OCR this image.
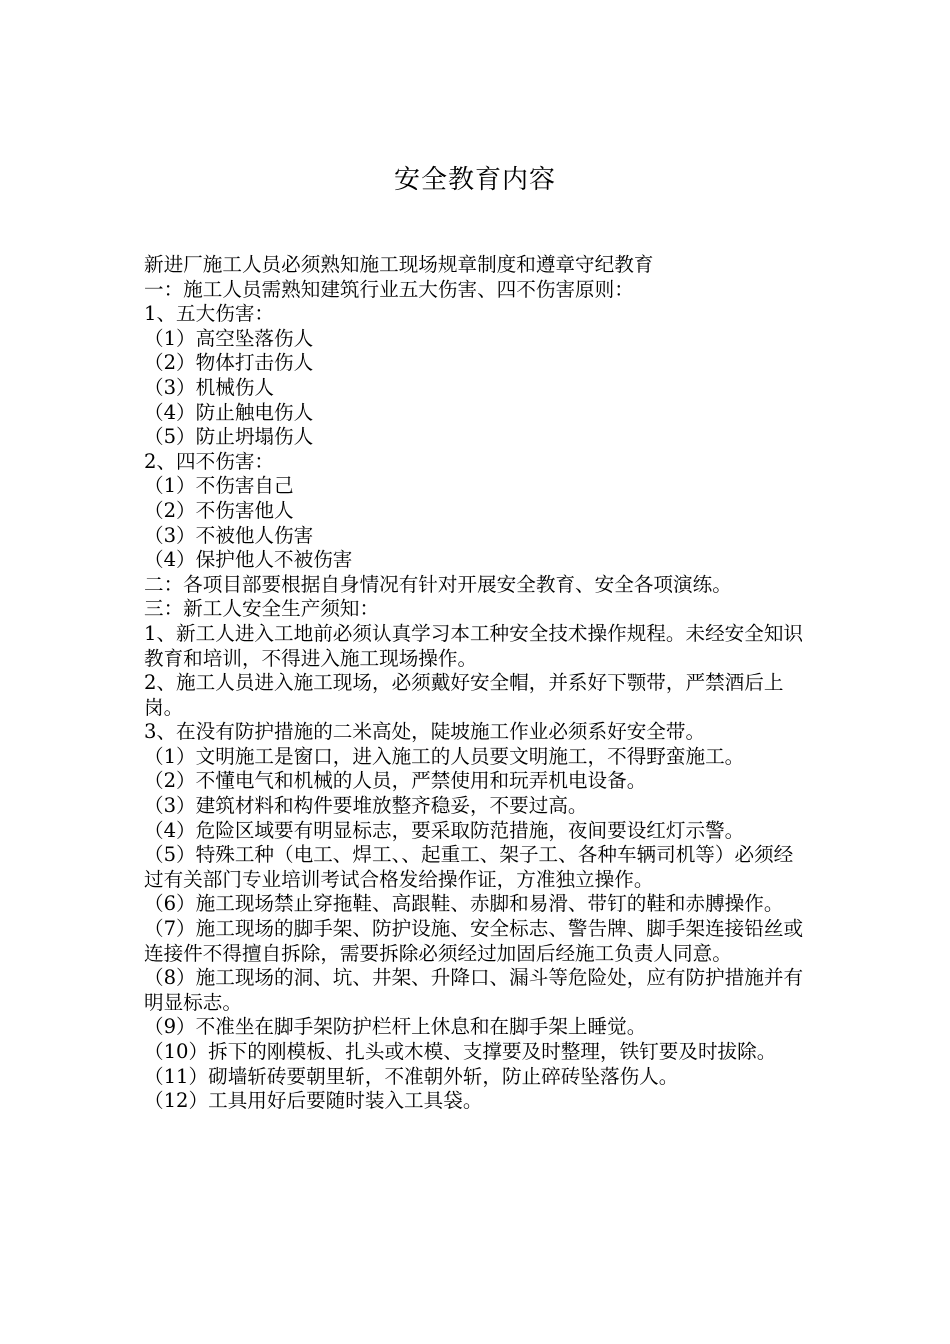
安全教育内容

新进厂施工人员必须熟知施工现场规章制度和遵章守纪教育

一：施工人员需熟知建筑行业五大伤害、四不伤害原则：

1、五大伤害：

（1）高空坠落伤人

（2）物体打击伤人

（3）机械伤人

（4）防止触电伤人

（5）防止坍塌伤人

2、四不伤害：

（1）不伤害自己

（2）不伤害他人

（3）不被他人伤害

（4）保护他人不被伤害

二：各项目部要根据自身情况有针对开展安全教育、安全各项演练。

三：新工人安全生产须知：

1、新工人进入工地前必须认真学习本工种安全技术操作规程。未经安全知识教育和培训，不得进入施工现场操作。

2、施工人员进入施工现场，必须戴好安全帽，并系好下颚带，严禁酒后上岗。

3、在没有防护措施的二米高处，陡坡施工作业必须系好安全带。

（1）文明施工是窗口，进入施工的人员要文明施工，不得野蛮施工。

（2）不懂电气和机械的人员，严禁使用和玩弄机电设备。

（3）建筑材料和构件要堆放整齐稳妥，不要过高。

（4）危险区域要有明显标志，要采取防范措施，夜间要设红灯示警。

（5）特殊工种（电工、焊工、、起重工、架子工、各种车辆司机等）必须经过有关部门专业培训考试合格发给操作证，方准独立操作。

（6）施工现场禁止穿拖鞋、高跟鞋、赤脚和易滑、带钉的鞋和赤膊操作。

（7）施工现场的脚手架、防护设施、安全标志、警告牌、脚手架连接铅丝或连接件不得擅自拆除，需要拆除必须经过加固后经施工负责人同意。

（8）施工现场的洞、坑、井架、升降口、漏斗等危险处，应有防护措施并有明显标志。

（9）不准坐在脚手架防护栏杆上休息和在脚手架上睡觉。

（10）拆下的刚模板、扎头或木模、支撑要及时整理，铁钉要及时拔除。

（11）砌墙斩砖要朝里斩，不准朝外斩，防止碎砖坠落伤人。

（12）工具用好后要随时装入工具袋。
